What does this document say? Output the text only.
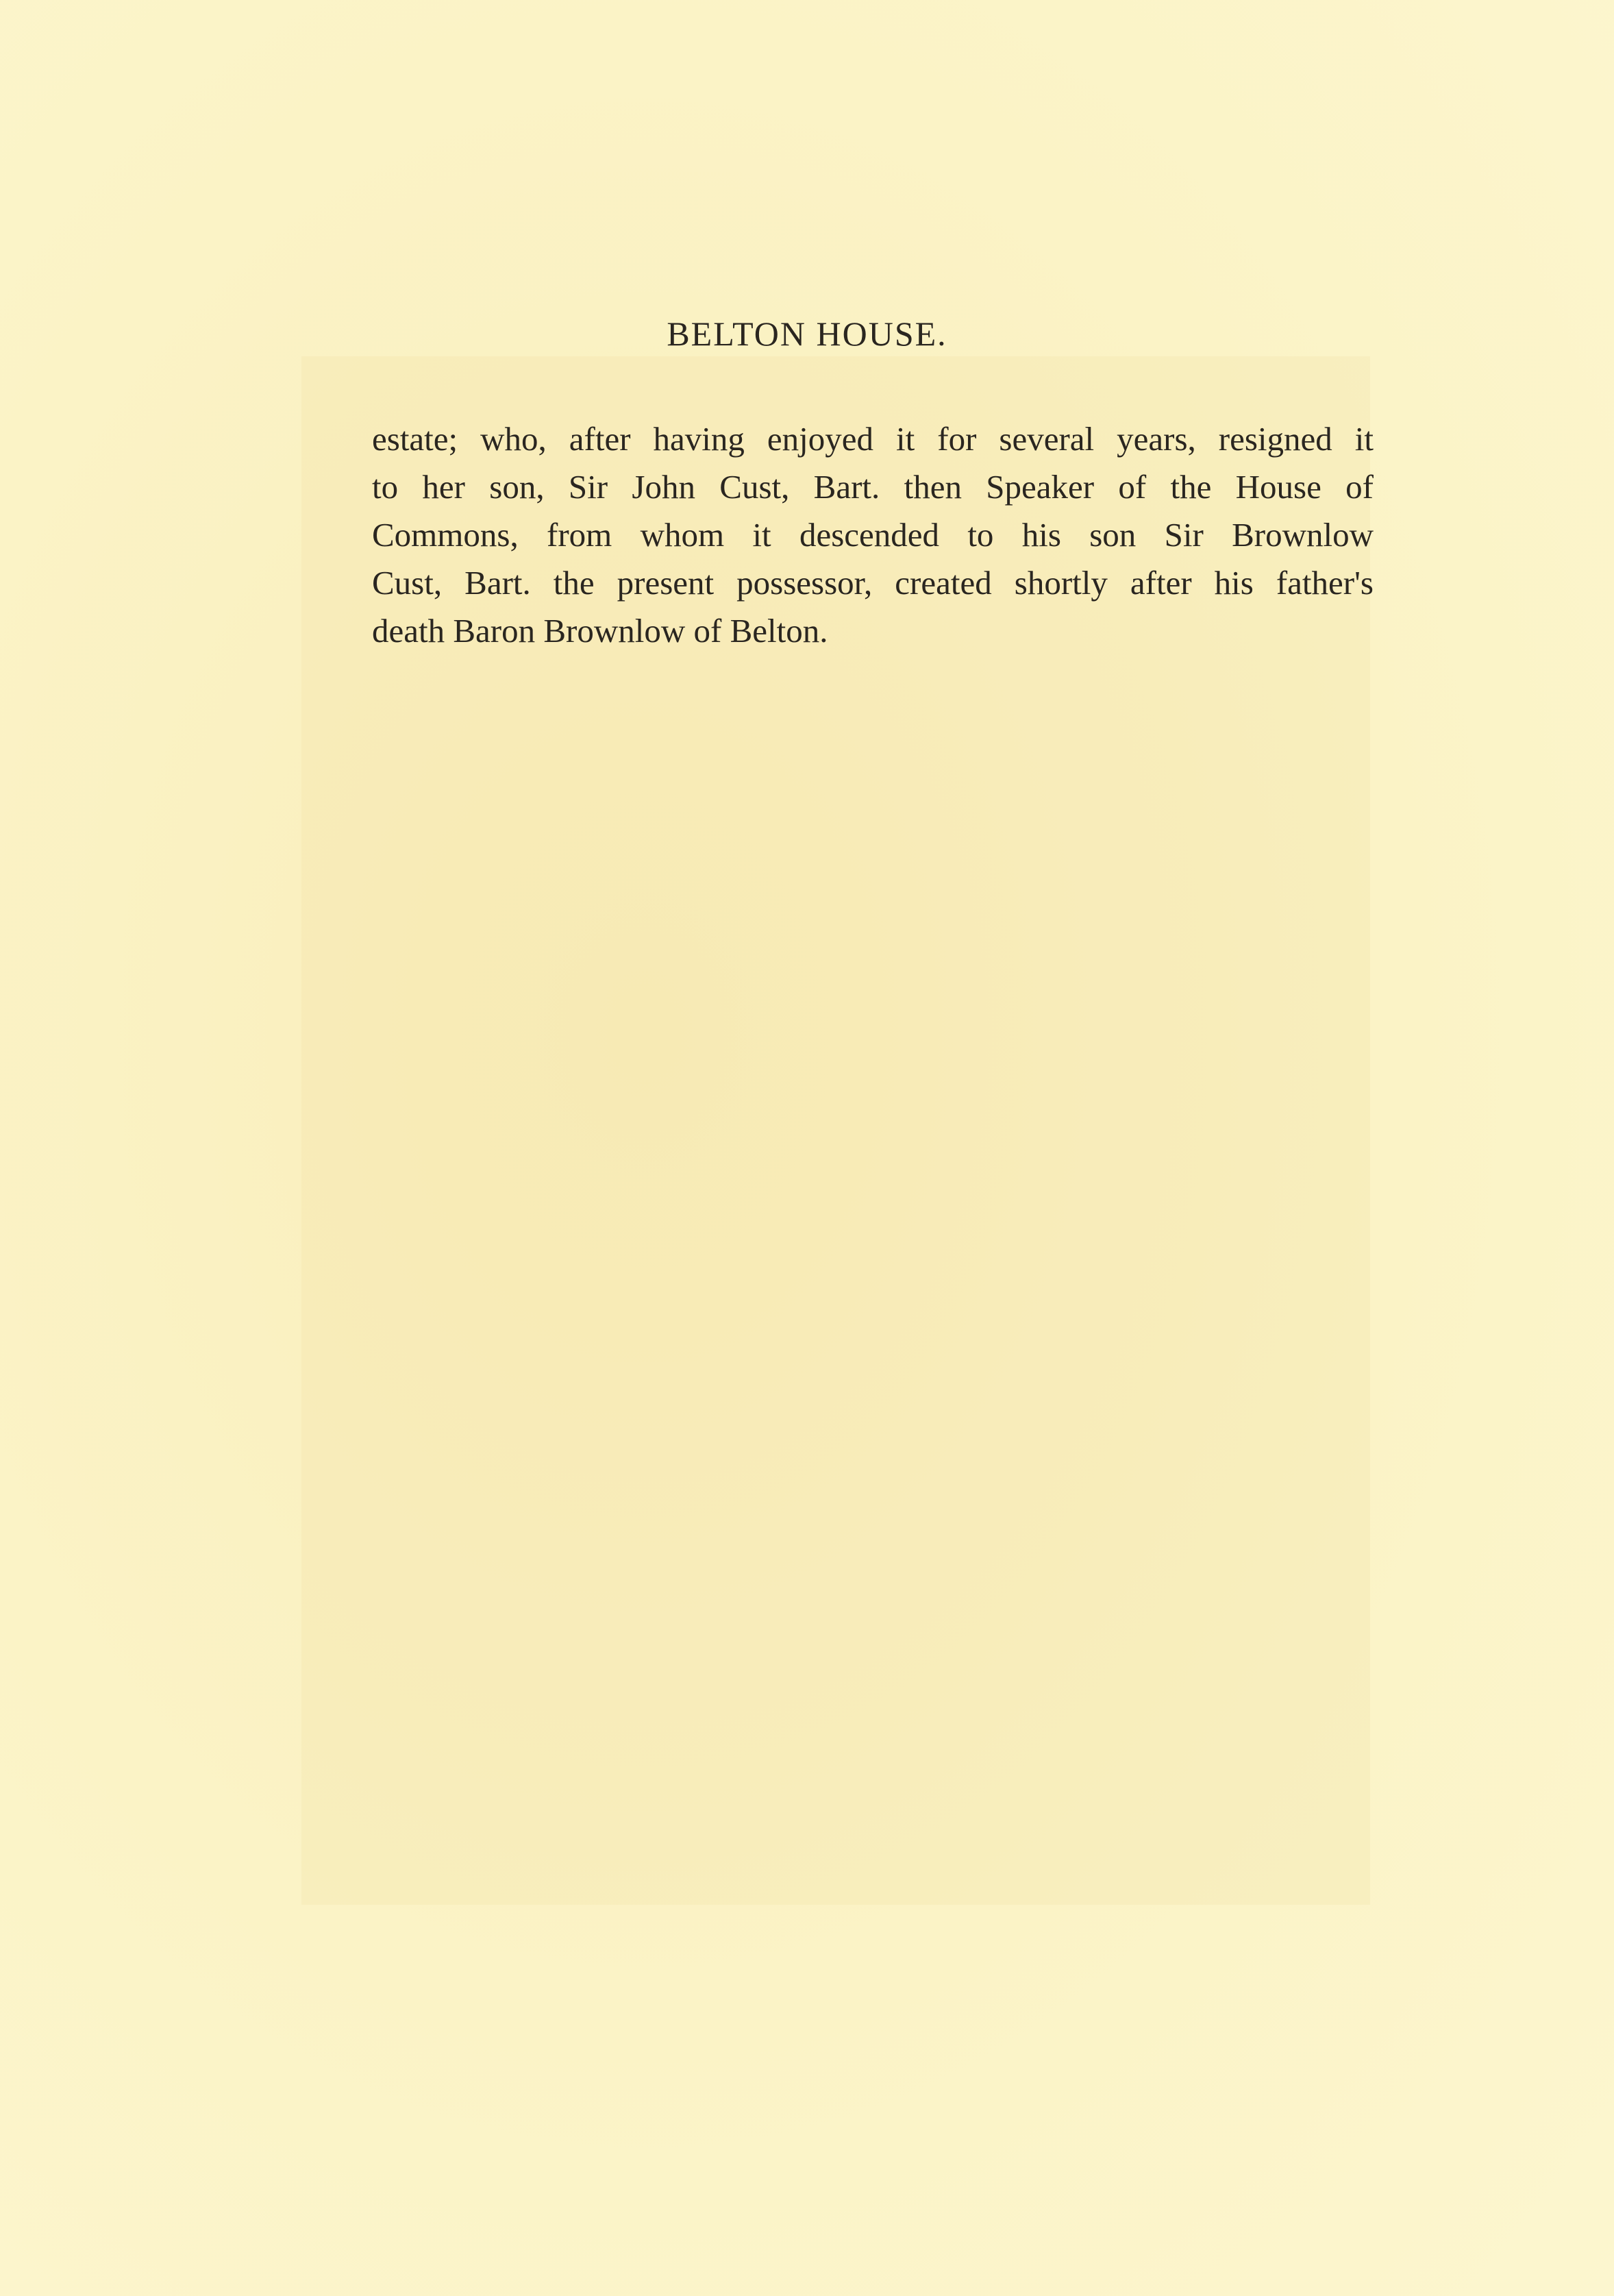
BELTON HOUSE.
estate; who, after having enjoyed it for several years, resigned it
to her son, Sir John Cust, Bart. then Speaker of the House of
Commons, from whom it descended to his son Sir Brownlow
Cust, Bart. the present possessor, created shortly after his father's
death Baron Brownlow of Belton.
